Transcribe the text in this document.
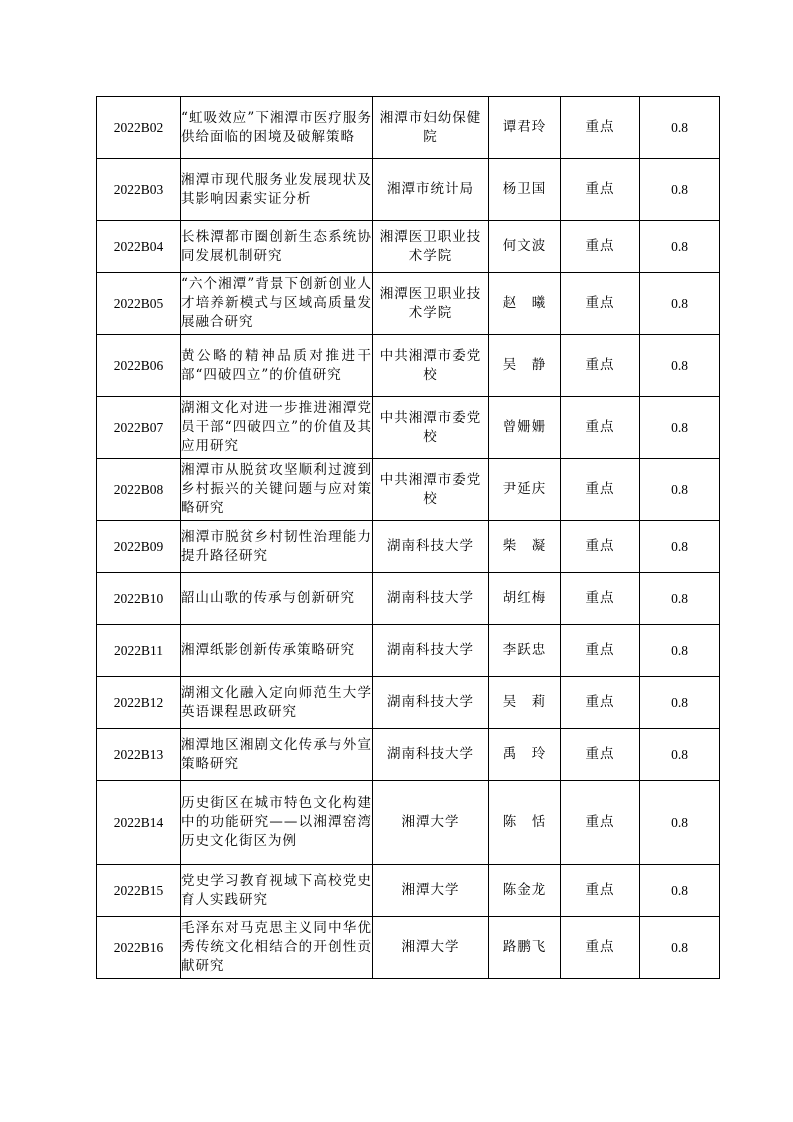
2022B02	“虹吸效应”下湘潭市医疗服务供给面临的困境及破解策略	湘潭市妇幼保健院	谭君玲	重点	0.8
2022B03	湘潭市现代服务业发展现状及其影响因素实证分析	湘潭市统计局	杨卫国	重点	0.8
2022B04	长株潭都市圈创新生态系统协同发展机制研究	湘潭医卫职业技术学院	何文波	重点	0.8
2022B05	“六个湘潭”背景下创新创业人才培养新模式与区域高质量发展融合研究	湘潭医卫职业技术学院	赵　曦	重点	0.8
2022B06	黄公略的精神品质对推进干部“四破四立”的价值研究	中共湘潭市委党校	吴　静	重点	0.8
2022B07	湖湘文化对进一步推进湘潭党员干部“四破四立”的价值及其应用研究	中共湘潭市委党校	曾姗姗	重点	0.8
2022B08	湘潭市从脱贫攻坚顺利过渡到乡村振兴的关键问题与应对策略研究	中共湘潭市委党校	尹延庆	重点	0.8
2022B09	湘潭市脱贫乡村韧性治理能力提升路径研究	湖南科技大学	柴　凝	重点	0.8
2022B10	韶山山歌的传承与创新研究	湖南科技大学	胡红梅	重点	0.8
2022B11	湘潭纸影创新传承策略研究	湖南科技大学	李跃忠	重点	0.8
2022B12	湖湘文化融入定向师范生大学英语课程思政研究	湖南科技大学	吴　莉	重点	0.8
2022B13	湘潭地区湘剧文化传承与外宣策略研究	湖南科技大学	禹　玲	重点	0.8
2022B14	历史街区在城市特色文化构建中的功能研究——以湘潭窑湾历史文化街区为例	湘潭大学	陈　恬	重点	0.8
2022B15	党史学习教育视域下高校党史育人实践研究	湘潭大学	陈金龙	重点	0.8
2022B16	毛泽东对马克思主义同中华优秀传统文化相结合的开创性贡献研究	湘潭大学	路鹏飞	重点	0.8
